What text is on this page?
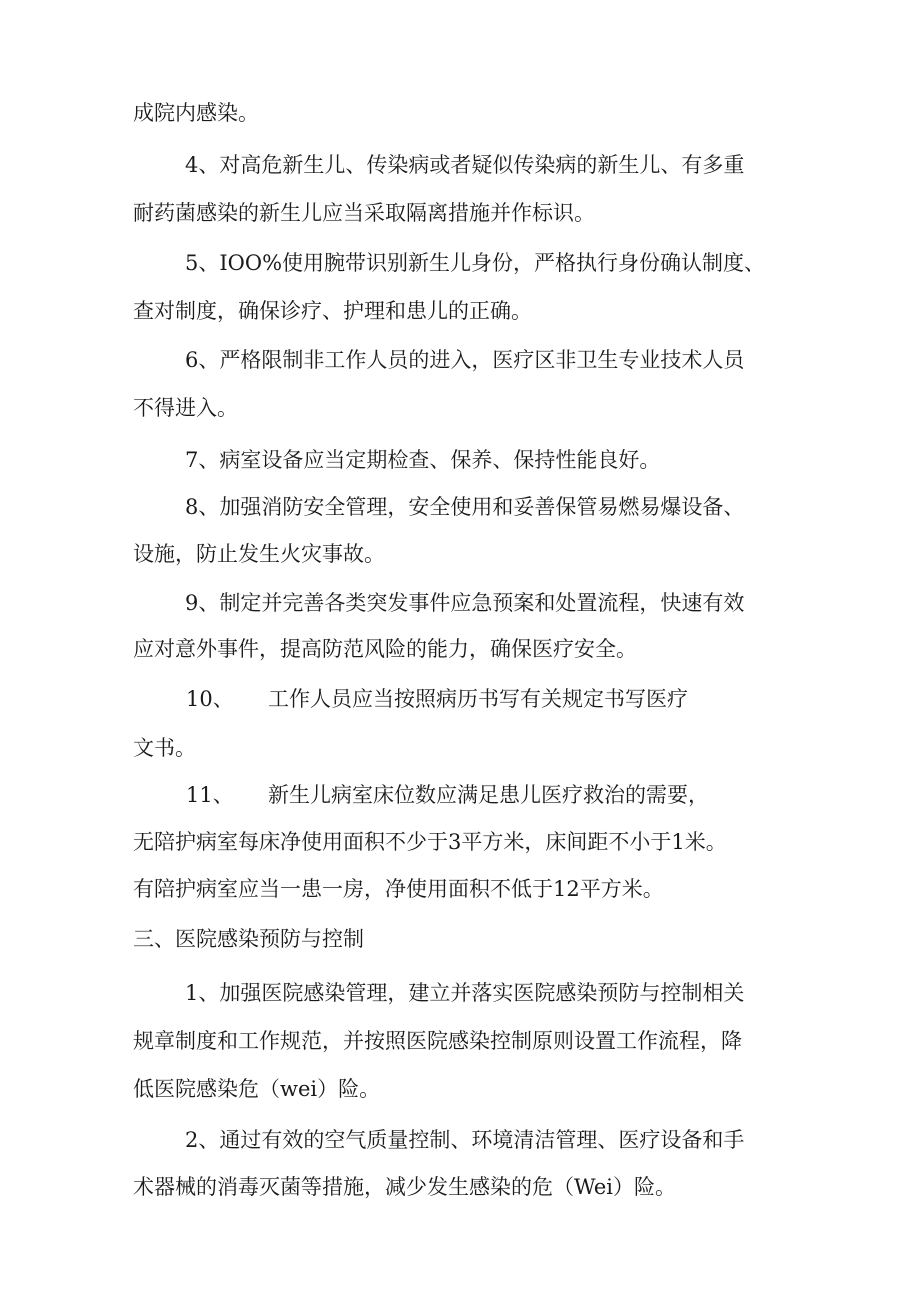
成院内感染。

4、对高危新生儿、传染病或者疑似传染病的新生儿、有多重

耐药菌感染的新生儿应当采取隔离措施并作标识。

5、IOO%使用腕带识别新生儿身份，严格执行身份确认制度、

查对制度，确保诊疗、护理和患儿的正确。

6、严格限制非工作人员的进入，医疗区非卫生专业技术人员

不得进入。

7、病室设备应当定期检查、保养、保持性能良好。

8、加强消防安全管理，安全使用和妥善保管易燃易爆设备、

设施，防止发生火灾事故。

9、制定并完善各类突发事件应急预案和处置流程，快速有效

应对意外事件，提高防范风险的能力，确保医疗安全。

10、 工作人员应当按照病历书写有关规定书写医疗

文书。

11、 新生儿病室床位数应满足患儿医疗救治的需要，

无陪护病室每床净使用面积不少于3平方米，床间距不小于1米。

有陪护病室应当一患一房，净使用面积不低于12平方米。

三、医院感染预防与控制

1、加强医院感染管理，建立并落实医院感染预防与控制相关

规章制度和工作规范，并按照医院感染控制原则设置工作流程，降

低医院感染危（wei）险。

2、通过有效的空气质量控制、环境清洁管理、医疗设备和手

术器械的消毒灭菌等措施，减少发生感染的危（Wei）险。
